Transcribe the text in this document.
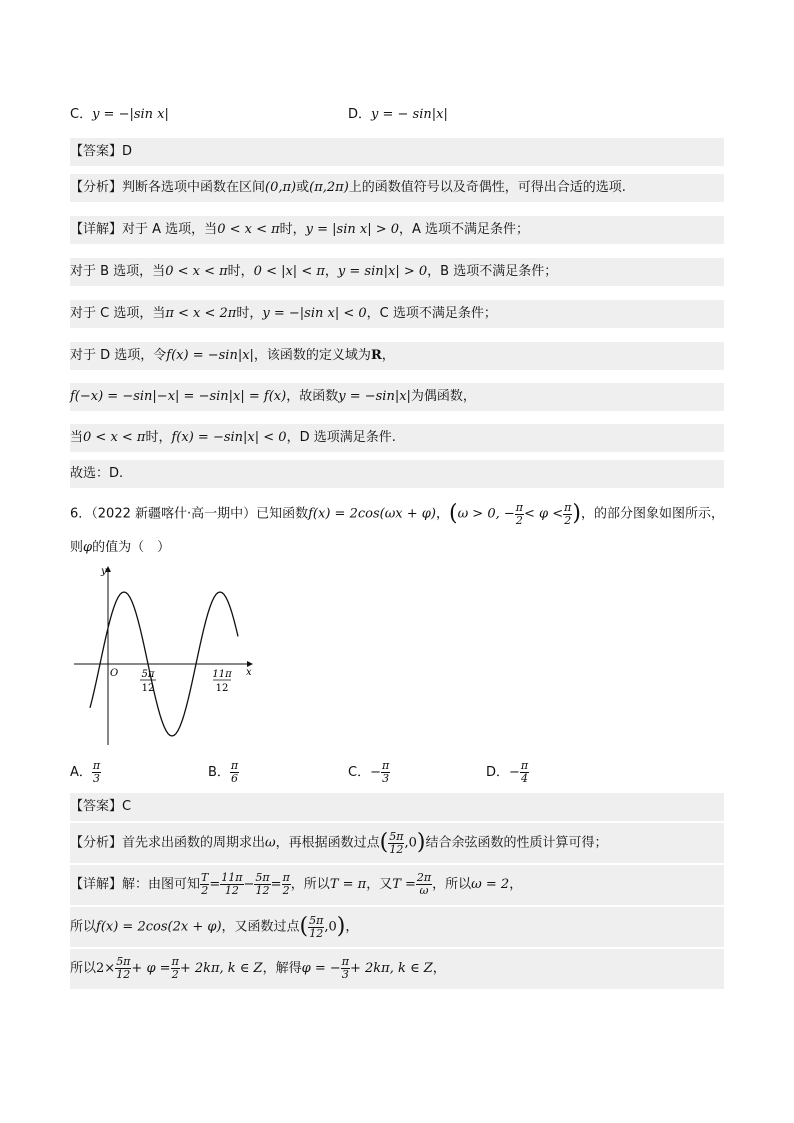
C．y = −|sin x|	D．y = − sin|x|
【答案】D
【分析】判断各选项中函数在区间(0,π)或(π,2π)上的函数值符号以及奇偶性，可得出合适的选项.
【详解】对于 A 选项，当0 < x < π时，y = |sin x| > 0，A 选项不满足条件；
对于 B 选项，当0 < x < π时，0 < |x| < π，y = sin|x| > 0，B 选项不满足条件；
对于 C 选项，当π < x < 2π时，y = −|sin x| < 0，C 选项不满足条件；
对于 D 选项，令f(x) = −sin|x|，该函数的定义域为R，
f(−x) = −sin|−x| = −sin|x| = f(x)，故函数y = −sin|x|为偶函数，
当0 < x < π时，f(x) = −sin|x| < 0，D 选项满足条件.
故选：D.
6．（2022 新疆喀什·高一期中）已知函数f(x) = 2cos(ωx + φ)，(ω > 0, − $\frac{\pi}{2} < \varphi < \frac{\pi}{2}$ )，的部分图象如图所示，
则φ的值为（　）
y
x
O 5π
12
11π
12
A． $\frac{\pi}{3}$	B． $\frac{\pi}{6}$	C．− $\frac{\pi}{3}$	D．− $\frac{\pi}{4}$
【答案】C
【分析】首先求出函数的周期求出ω，再根据函数过点( $\frac{5\pi}{12} ,0$)结合余弦函数的性质计算可得；
【详解】解：由图可知 $\frac{T}{2} = \frac{11\pi}{12} - \frac{5\pi}{12} = \frac{\pi}{2}$ ，所以T = π，又$T = \frac{2\pi}{\omega}$ ，所以ω = 2，
所以f(x) = 2cos(2x + φ)，又函数过点( $\frac{5\pi}{12} ,0$)，
所以$2\times \frac{5\pi}{12} + \varphi = \frac{\pi}{2} + 2k\pi$, k ∈ Z，解得φ = − $\frac{\pi}{3} + 2k\pi$, k ∈ Z，
